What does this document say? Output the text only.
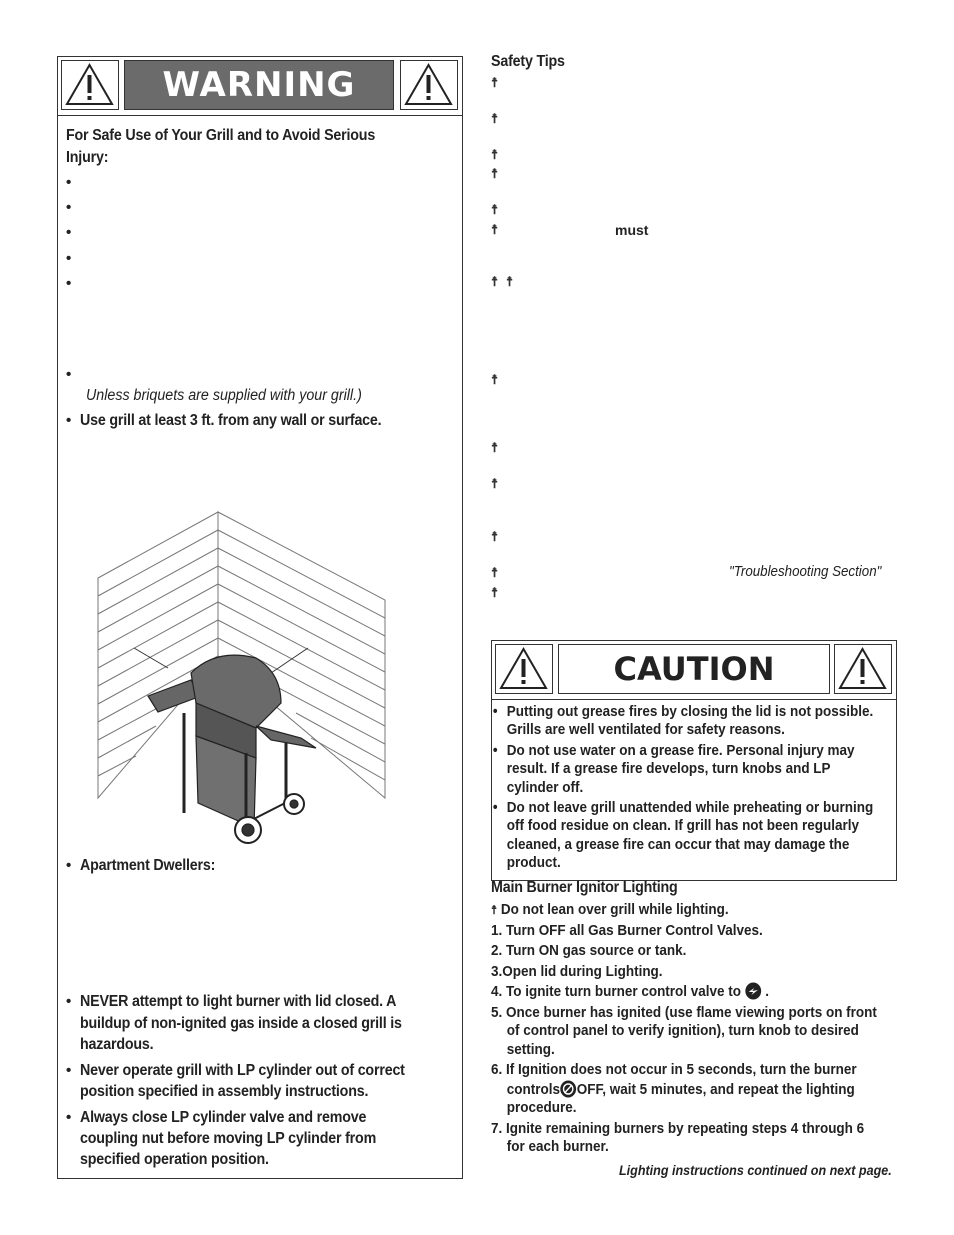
WARNING
For Safe Use of Your Grill and to Avoid Serious
Injury:
•
•
•
•
•
•
Unless briquets are supplied with your grill.)
• Use grill at least 3 ft. from any wall or surface.
• Apartment Dwellers:
• NEVER attempt to light burner with lid closed. A
buildup of non-ignited gas inside a closed grill is
hazardous.
• Never operate grill with LP cylinder out of correct
position specified in assembly instructions.
• Always close LP cylinder valve and remove
coupling nut before moving LP cylinder from
specified operation position.
Safety Tips
☨
☨
☨
☨
☨
☨	must
☨ ☨
☨
☨
☨
☨
☨	"Troubleshooting Section"
☨
CAUTION
• Putting out grease fires by closing the lid is not possible.
Grills are well ventilated for safety reasons.
• Do not use water on a grease fire. Personal injury may
result. If a grease fire develops, turn knobs and LP
cylinder off.
• Do not leave grill unattended while preheating or burning
off food residue on clean. If grill has not been regularly
cleaned, a grease fire can occur that may damage the
product.
Main Burner Ignitor Lighting
☨ Do not lean over grill while lighting.
1. Turn OFF all Gas Burner Control Valves.
2. Turn ON gas source or tank.
3.Open lid during Lighting.
4. To ignite turn burner control valve to .
5. Once burner has ignited (use flame viewing ports on front
of control panel to verify ignition), turn knob to desired
setting.
6. If Ignition does not occur in 5 seconds, turn the burner
controls OFF, wait 5 minutes, and repeat the lighting
procedure.
7. Ignite remaining burners by repeating steps 4 through 6
for each burner.
Lighting instructions continued on next page.
